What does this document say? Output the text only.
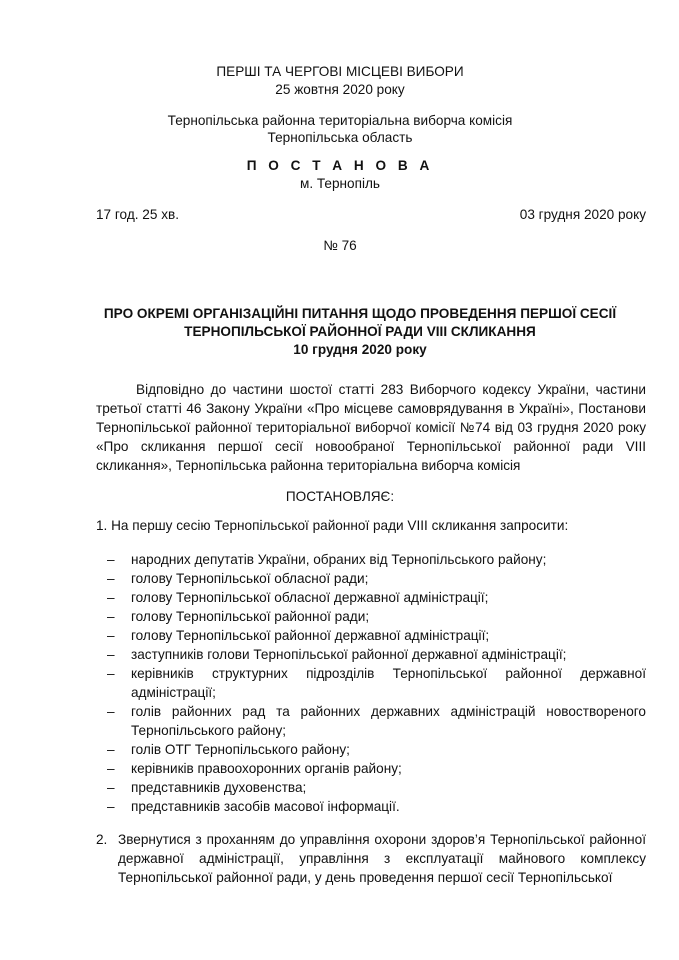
ПЕРШІ ТА ЧЕРГОВІ МІСЦЕВІ ВИБОРИ
25 жовтня 2020 року
Тернопільська районна територіальна виборча комісія
Тернопільська область
П О С Т А Н О В А
м. Тернопіль
17 год. 25 хв.	03 грудня 2020 року
№ 76
ПРО ОКРЕМІ ОРГАНІЗАЦІЙНІ ПИТАННЯ ЩОДО ПРОВЕДЕННЯ ПЕРШОЇ СЕСІЇ
ТЕРНОПІЛЬСЬКОЇ РАЙОННОЇ РАДИ VIII СКЛИКАННЯ
10 грудня 2020 року
Відповідно до частини шостої статті 283 Виборчого кодексу України, частини третьої статті 46 Закону України «Про місцеве самоврядування в Україні», Постанови Тернопільської районної територіальної виборчої комісії №74 від 03 грудня 2020 року «Про скликання першої сесії новообраної Тернопільської районної ради VIII скликання», Тернопільська районна територіальна виборча комісія
ПОСТАНОВЛЯЄ:
1. На першу сесію Тернопільської районної ради VIII скликання запросити:
– народних депутатів України, обраних від Тернопільського району;
– голову Тернопільської обласної ради;
– голову Тернопільської обласної державної адміністрації;
– голову Тернопільської районної ради;
– голову Тернопільської районної державної адміністрації;
– заступників голови Тернопільської районної державної адміністрації;
– керівників структурних підрозділів Тернопільської районної державної адміністрації;
– голів районних рад та районних державних адміністрацій новоствореного Тернопільського району;
– голів ОТГ Тернопільського району;
– керівників правоохоронних органів району;
– представників духовенства;
– представників засобів масової інформації.
2. Звернутися з проханням до управління охорони здоров’я Тернопільської районної державної адміністрації, управління з експлуатації майнового комплексу Тернопільської районної ради, у день проведення першої сесії Тернопільської
